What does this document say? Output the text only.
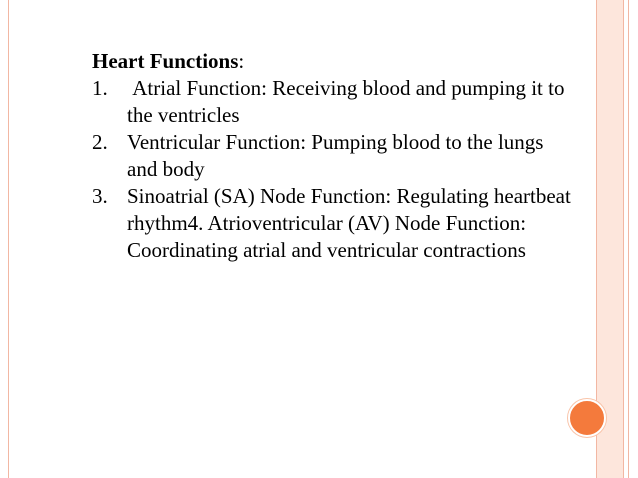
Heart Functions:

1. Atrial Function: Receiving blood and pumping it to the ventricles
2. Ventricular Function: Pumping blood to the lungs and body
3. Sinoatrial (SA) Node Function: Regulating heartbeat rhythm4. Atrioventricular (AV) Node Function: Coordinating atrial and ventricular contractions
